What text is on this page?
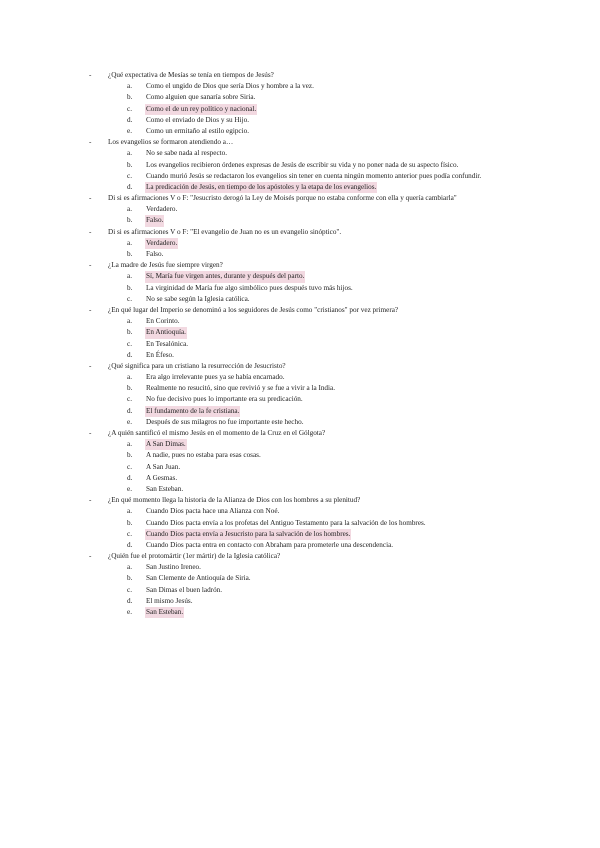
- ¿Qué expectativa de Mesías se tenía en tiempos de Jesús?
a. Como el ungido de Dios que sería Dios y hombre a la vez.
b. Como alguien que sanaría sobre Siria.
c. Como el de un rey político y nacional.
d. Como el enviado de Dios y su Hijo.
e. Como un ermitaño al estilo egipcio.
- Los evangelios se formaron atendiendo a…
a. No se sabe nada al respecto.
b. Los evangelios recibieron órdenes expresas de Jesús de escribir su vida y no poner nada de su aspecto físico.
c. Cuando murió Jesús se redactaron los evangelios sin tener en cuenta ningún momento anterior pues podía confundir.
d. La predicación de Jesús, en tiempo de los apóstoles y la etapa de los evangelios.
- Di si es afirmaciones V o F: "Jesucristo derogó la Ley de Moisés porque no estaba conforme con ella y quería cambiarla"
a. Verdadero.
b. Falso.
- Di si es afirmaciones V o F: "El evangelio de Juan no es un evangelio sinóptico".
a. Verdadero.
b. Falso.
- ¿La madre de Jesús fue siempre virgen?
a. Sí, María fue virgen antes, durante y después del parto.
b. La virginidad de María fue algo simbólico pues después tuvo más hijos.
c. No se sabe según la Iglesia católica.
- ¿En qué lugar del Imperio se denominó a los seguidores de Jesús como "cristianos" por vez primera?
a. En Corinto.
b. En Antioquía.
c. En Tesalónica.
d. En Éfeso.
- ¿Qué significa para un cristiano la resurrección de Jesucristo?
a. Era algo irrelevante pues ya se había encarnado.
b. Realmente no resucitó, sino que revivió y se fue a vivir a la India.
c. No fue decisivo pues lo importante era su predicación.
d. El fundamento de la fe cristiana.
e. Después de sus milagros no fue importante este hecho.
- ¿A quién santificó el mismo Jesús en el momento de la Cruz en el Gólgota?
a. A San Dimas.
b. A nadie, pues no estaba para esas cosas.
c. A San Juan.
d. A Gesmas.
e. San Esteban.
- ¿En qué momento llega la historia de la Alianza de Dios con los hombres a su plenitud?
a. Cuando Dios pacta hace una Alianza con Noé.
b. Cuando Dios pacta envía a los profetas del Antiguo Testamento para la salvación de los hombres.
c. Cuando Dios pacta envía a Jesucristo para la salvación de los hombres.
d. Cuando Dios pacta entra en contacto con Abraham para prometerle una descendencia.
- ¿Quién fue el protomártir (1er mártir) de la Iglesia católica?
a. San Justino Ireneo.
b. San Clemente de Antioquía de Siria.
c. San Dimas el buen ladrón.
d. El mismo Jesús.
e. San Esteban.
